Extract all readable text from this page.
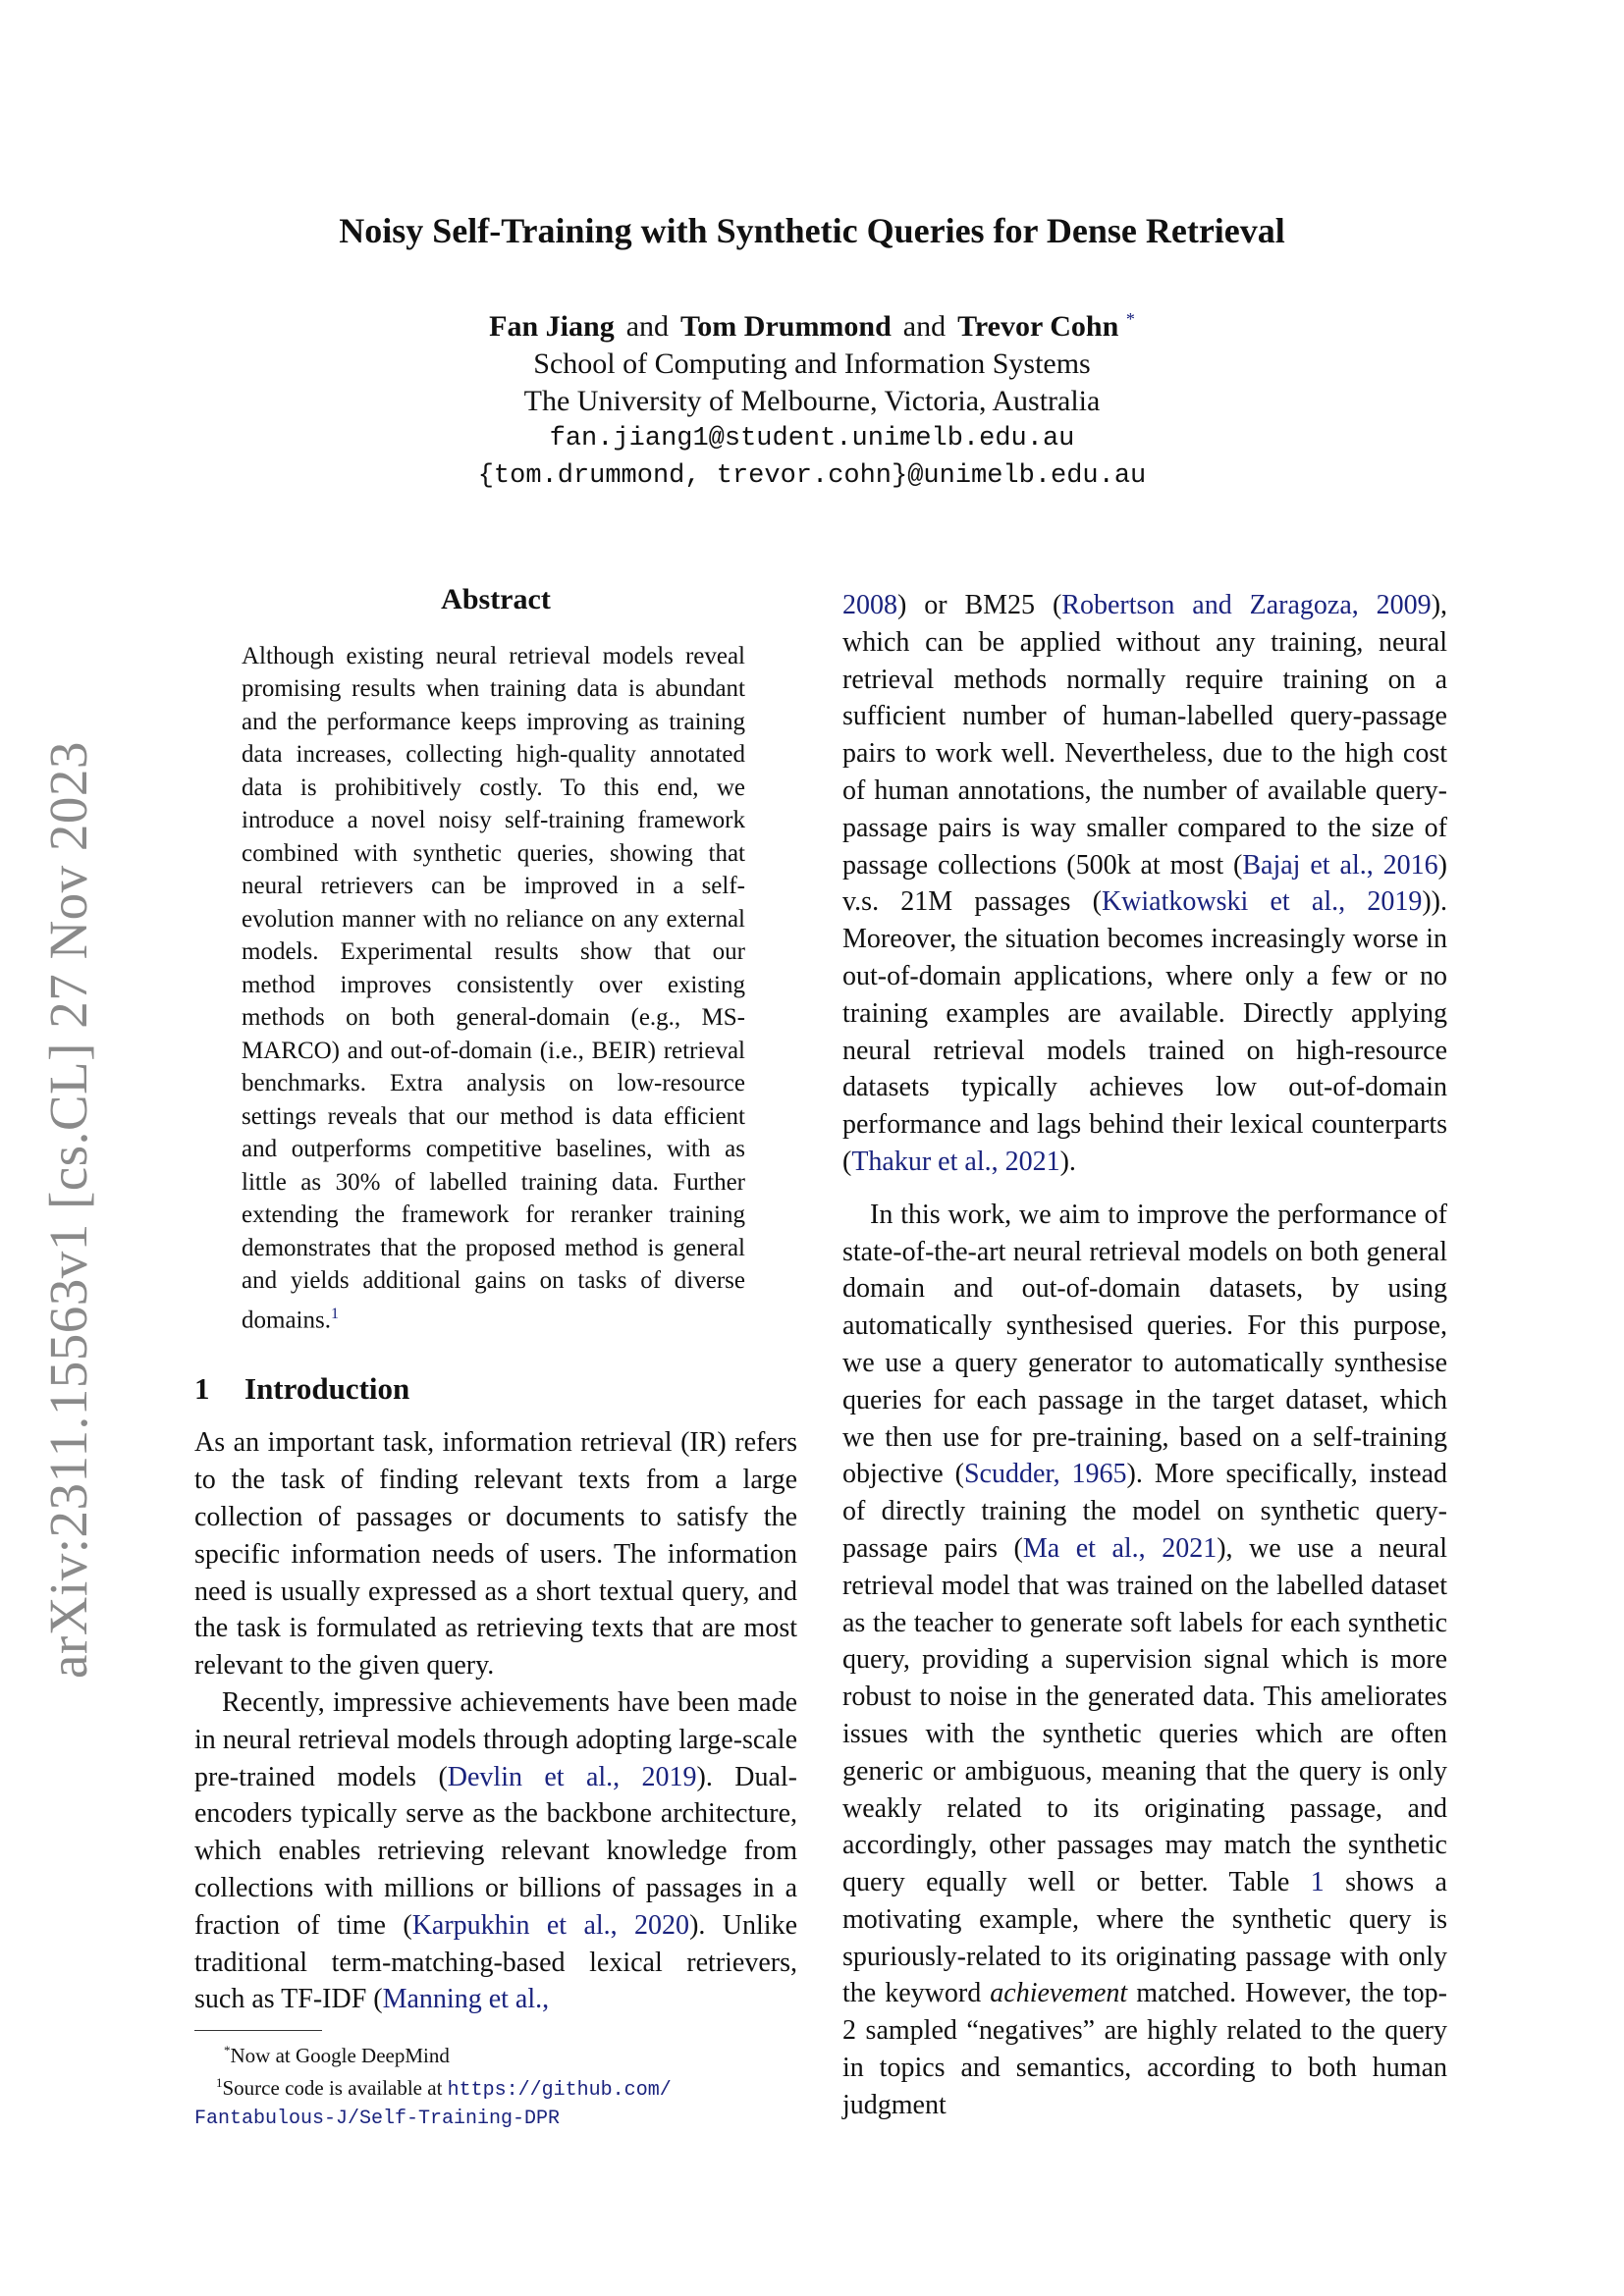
arXiv:2311.15563v1 [cs.CL] 27 Nov 2023
Noisy Self-Training with Synthetic Queries for Dense Retrieval
Fan Jiang and Tom Drummond and Trevor Cohn *
School of Computing and Information Systems
The University of Melbourne, Victoria, Australia
fan.jiang1@student.unimelb.edu.au
{tom.drummond, trevor.cohn}@unimelb.edu.au
Abstract
Although existing neural retrieval models reveal promising results when training data is abundant and the performance keeps improving as training data increases, collecting high-quality annotated data is prohibitively costly. To this end, we introduce a novel noisy self-training framework combined with synthetic queries, showing that neural retrievers can be improved in a self-evolution manner with no reliance on any external models. Experimental results show that our method improves consistently over existing methods on both general-domain (e.g., MS-MARCO) and out-of-domain (i.e., BEIR) retrieval benchmarks. Extra analysis on low-resource settings reveals that our method is data efficient and outperforms competitive baselines, with as little as 30% of labelled training data. Further extending the framework for reranker training demonstrates that the proposed method is general and yields additional gains on tasks of diverse domains.$^1$
1 Introduction

As an important task, information retrieval (IR) refers to the task of finding relevant texts from a large collection of passages or documents to satisfy the specific information needs of users. The information need is usually expressed as a short textual query, and the task is formulated as retrieving texts that are most relevant to the given query.

Recently, impressive achievements have been made in neural retrieval models through adopting large-scale pre-trained models (Devlin et al., 2019). Dual-encoders typically serve as the backbone architecture, which enables retrieving relevant knowledge from collections with millions or billions of passages in a fraction of time (Karpukhin et al., 2020). Unlike traditional term-matching-based lexical retrievers, such as TF-IDF (Manning et al.,

*Now at Google DeepMind

$^1$Source code is available at https://github.com/
Fantabulous-J/Self-Training-DPR

2008) or BM25 (Robertson and Zaragoza, 2009), which can be applied without any training, neural retrieval methods normally require training on a sufficient number of human-labelled query-passage pairs to work well. Nevertheless, due to the high cost of human annotations, the number of available query-passage pairs is way smaller compared to the size of passage collections (500k at most (Bajaj et al., 2016) v.s. 21M passages (Kwiatkowski et al., 2019)). Moreover, the situation becomes increasingly worse in out-of-domain applications, where only a few or no training examples are available. Directly applying neural retrieval models trained on high-resource datasets typically achieves low out-of-domain performance and lags behind their lexical counterparts (Thakur et al., 2021).

In this work, we aim to improve the performance of state-of-the-art neural retrieval models on both general domain and out-of-domain datasets, by using automatically synthesised queries. For this purpose, we use a query generator to automatically synthesise queries for each passage in the target dataset, which we then use for pre-training, based on a self-training objective (Scudder, 1965). More specifically, instead of directly training the model on synthetic query-passage pairs (Ma et al., 2021), we use a neural retrieval model that was trained on the labelled dataset as the teacher to generate soft labels for each synthetic query, providing a supervision signal which is more robust to noise in the generated data. This ameliorates issues with the synthetic queries which are often generic or ambiguous, meaning that the query is only weakly related to its originating passage, and accordingly, other passages may match the synthetic query equally well or better. Table 1 shows a motivating example, where the synthetic query is spuriously-related to its originating passage with only the keyword achievement matched. However, the top-2 sampled “negatives” are highly related to the query in topics and semantics, according to both human judgment
